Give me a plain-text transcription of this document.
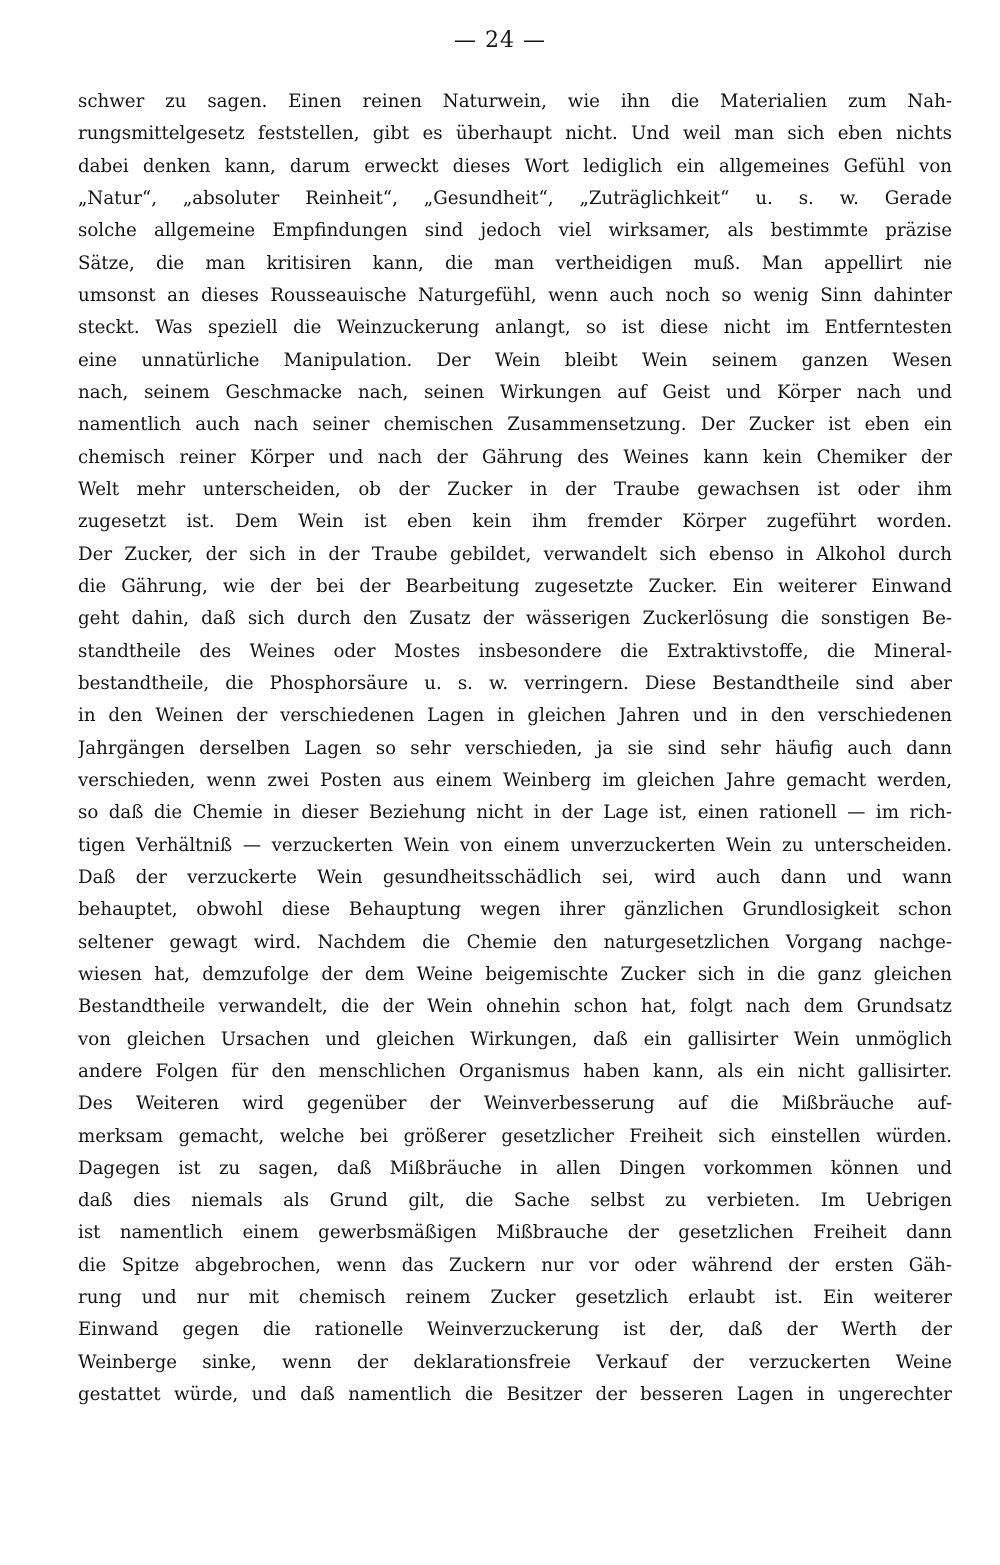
— 24 —
schwer zu sagen. Einen reinen Naturwein, wie ihn die Materialien zum Nah-
rungsmittelgesetz feststellen, gibt es überhaupt nicht. Und weil man sich eben nichts
dabei denken kann, darum erweckt dieses Wort lediglich ein allgemeines Gefühl von
„Natur“, „absoluter Reinheit“, „Gesundheit“, „Zuträglichkeit“ u. s. w. Gerade
solche allgemeine Empfindungen sind jedoch viel wirksamer, als bestimmte präzise
Sätze, die man kritisiren kann, die man vertheidigen muß. Man appellirt nie
umsonst an dieses Rousseauische Naturgefühl, wenn auch noch so wenig Sinn dahinter
steckt. Was speziell die Weinzuckerung anlangt, so ist diese nicht im Entferntesten
eine unnatürliche Manipulation. Der Wein bleibt Wein seinem ganzen Wesen
nach, seinem Geschmacke nach, seinen Wirkungen auf Geist und Körper nach und
namentlich auch nach seiner chemischen Zusammensetzung. Der Zucker ist eben ein
chemisch reiner Körper und nach der Gährung des Weines kann kein Chemiker der
Welt mehr unterscheiden, ob der Zucker in der Traube gewachsen ist oder ihm
zugesetzt ist. Dem Wein ist eben kein ihm fremder Körper zugeführt worden.
Der Zucker, der sich in der Traube gebildet, verwandelt sich ebenso in Alkohol durch
die Gährung, wie der bei der Bearbeitung zugesetzte Zucker. Ein weiterer Einwand
geht dahin, daß sich durch den Zusatz der wässerigen Zuckerlösung die sonstigen Be-
standtheile des Weines oder Mostes insbesondere die Extraktivstoffe, die Mineral-
bestandtheile, die Phosphorsäure u. s. w. verringern. Diese Bestandtheile sind aber
in den Weinen der verschiedenen Lagen in gleichen Jahren und in den verschiedenen
Jahrgängen derselben Lagen so sehr verschieden, ja sie sind sehr häufig auch dann
verschieden, wenn zwei Posten aus einem Weinberg im gleichen Jahre gemacht werden,
so daß die Chemie in dieser Beziehung nicht in der Lage ist, einen rationell — im rich-
tigen Verhältniß — verzuckerten Wein von einem unverzuckerten Wein zu unterscheiden.
Daß der verzuckerte Wein gesundheitsschädlich sei, wird auch dann und wann
behauptet, obwohl diese Behauptung wegen ihrer gänzlichen Grundlosigkeit schon
seltener gewagt wird. Nachdem die Chemie den naturgesetzlichen Vorgang nachge-
wiesen hat, demzufolge der dem Weine beigemischte Zucker sich in die ganz gleichen
Bestandtheile verwandelt, die der Wein ohnehin schon hat, folgt nach dem Grundsatz
von gleichen Ursachen und gleichen Wirkungen, daß ein gallisirter Wein unmöglich
andere Folgen für den menschlichen Organismus haben kann, als ein nicht gallisirter.
Des Weiteren wird gegenüber der Weinverbesserung auf die Mißbräuche auf-
merksam gemacht, welche bei größerer gesetzlicher Freiheit sich einstellen würden.
Dagegen ist zu sagen, daß Mißbräuche in allen Dingen vorkommen können und
daß dies niemals als Grund gilt, die Sache selbst zu verbieten. Im Uebrigen
ist namentlich einem gewerbsmäßigen Mißbrauche der gesetzlichen Freiheit dann
die Spitze abgebrochen, wenn das Zuckern nur vor oder während der ersten Gäh-
rung und nur mit chemisch reinem Zucker gesetzlich erlaubt ist. Ein weiterer
Einwand gegen die rationelle Weinverzuckerung ist der, daß der Werth der
Weinberge sinke, wenn der deklarationsfreie Verkauf der verzuckerten Weine
gestattet würde, und daß namentlich die Besitzer der besseren Lagen in ungerechter
